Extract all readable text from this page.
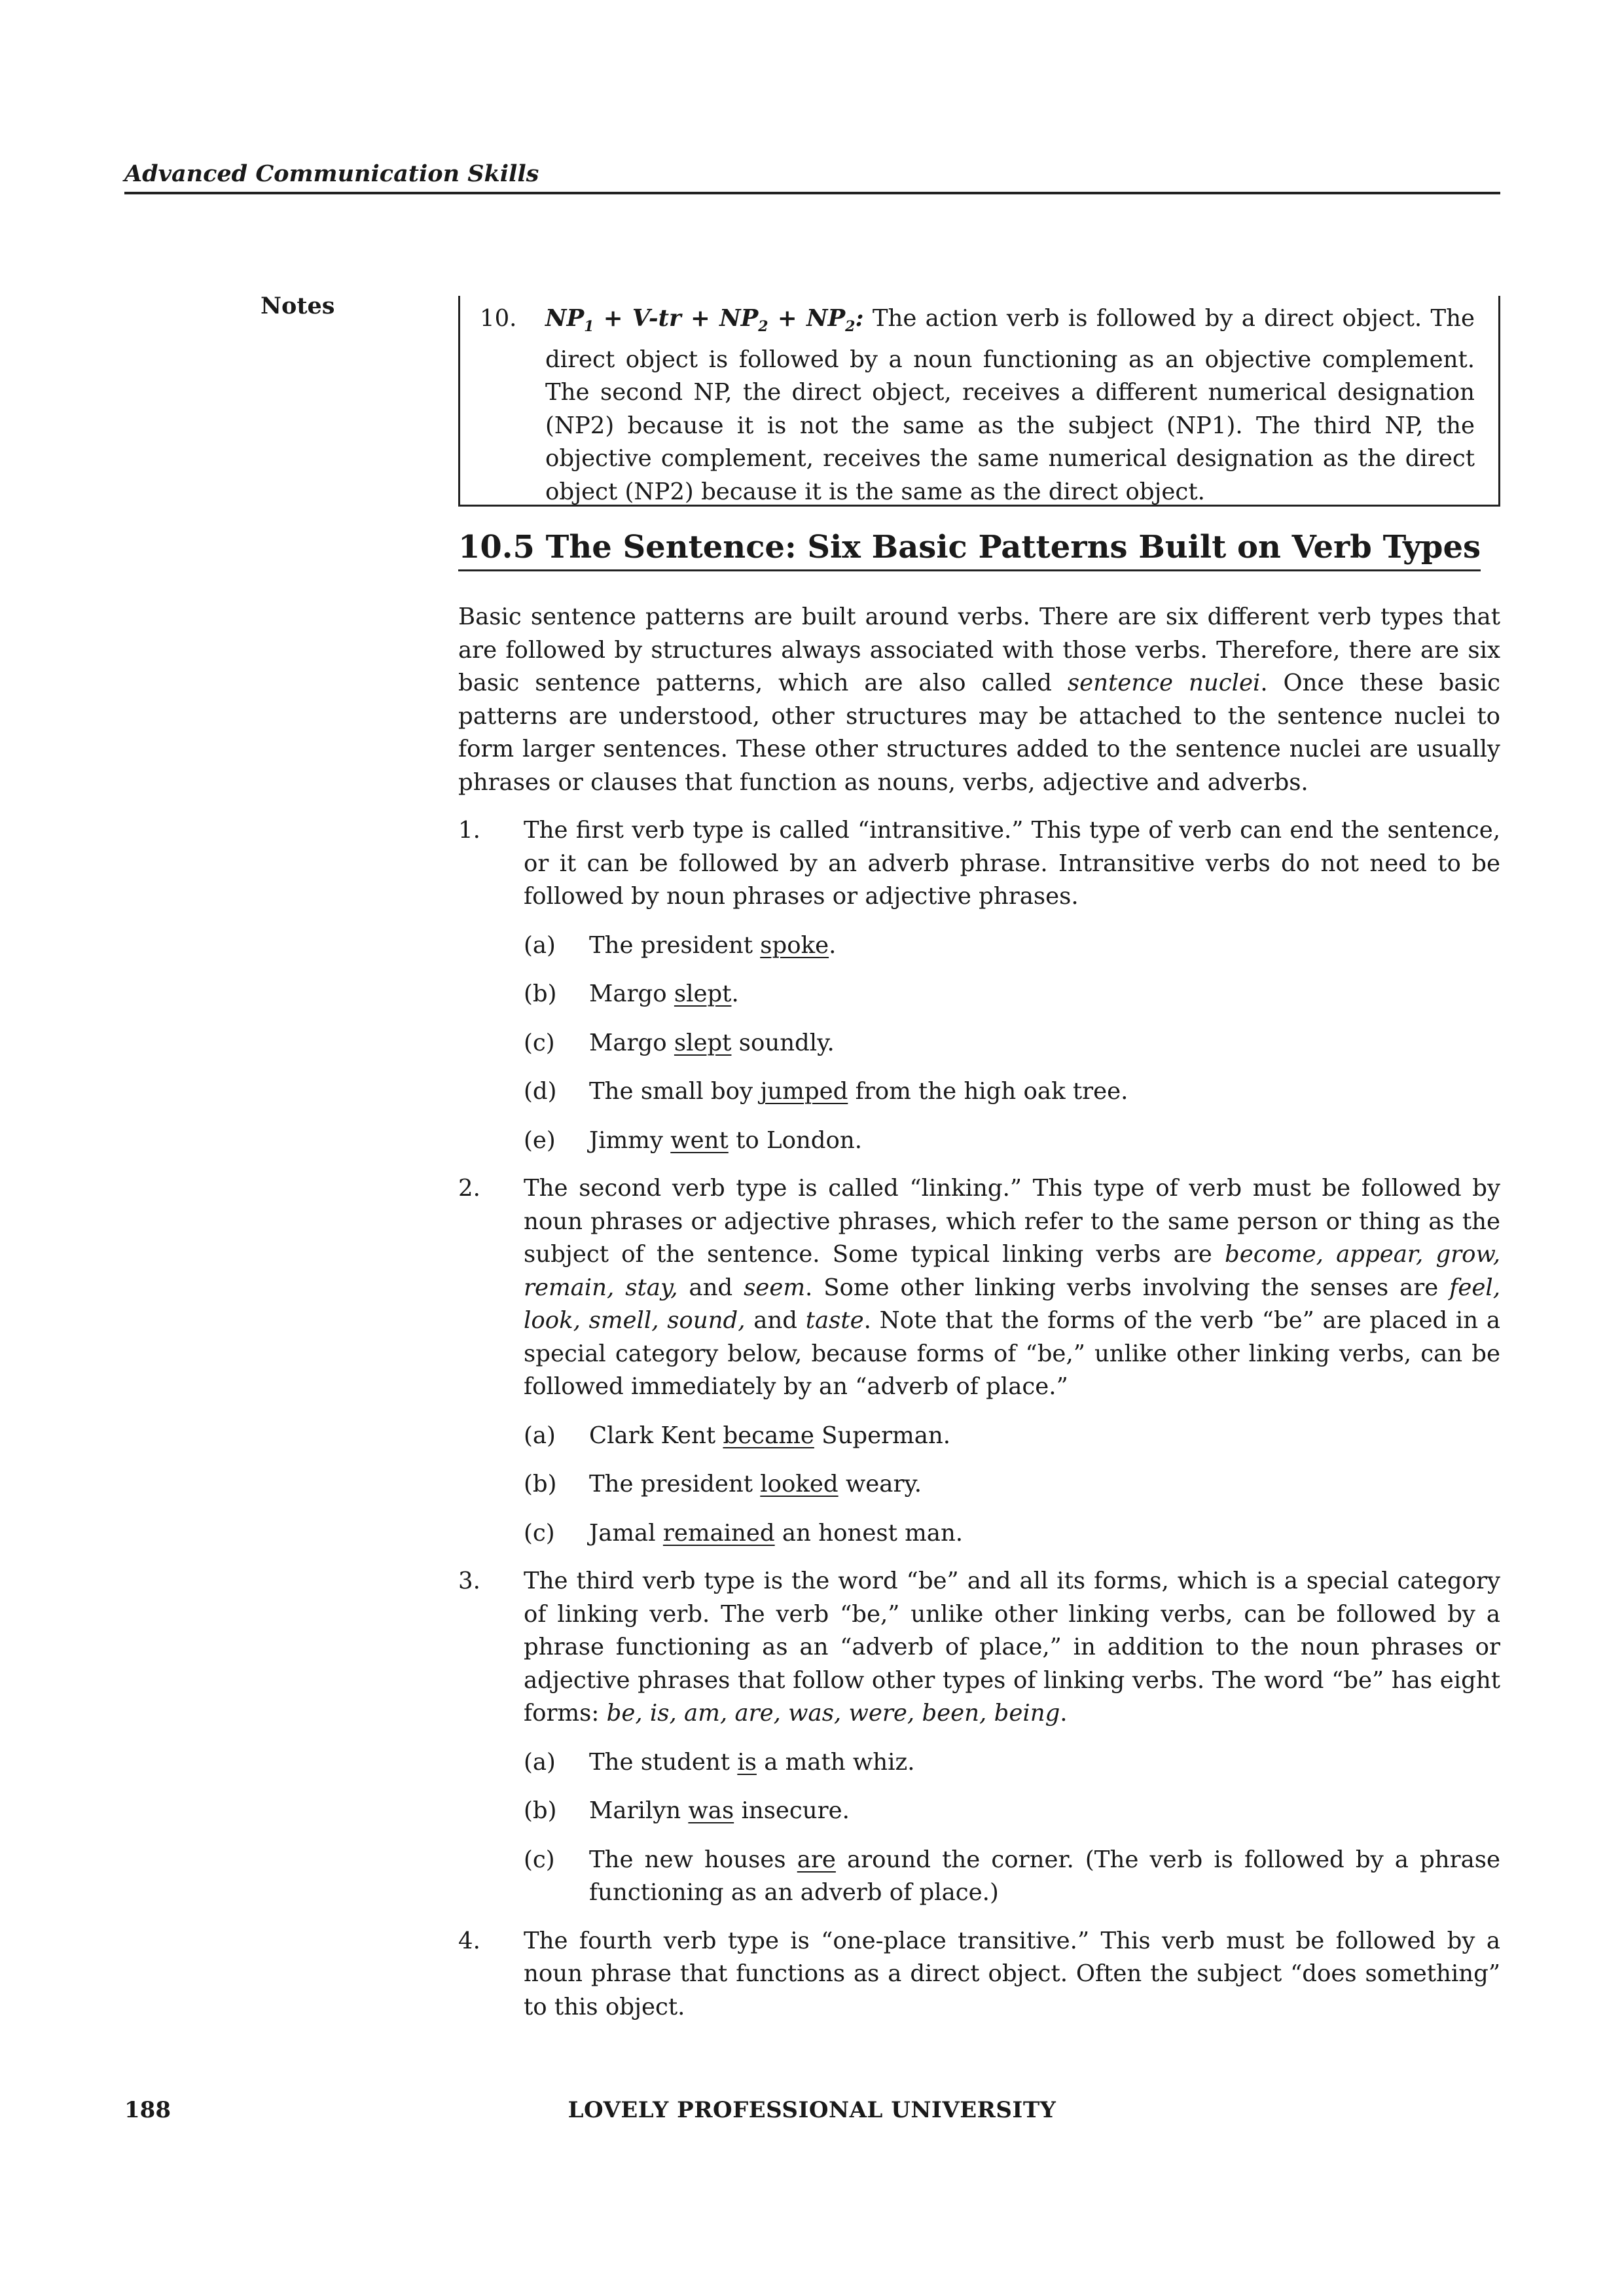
Advanced Communication Skills
Notes	10. $NP_1 + V-tr + NP_2 + NP_2$: The action verb is followed by a direct object. The direct object is followed by a noun functioning as an objective complement. The second NP, the direct object, receives a different numerical designation (NP2) because it is not the same as the subject (NP1). The third NP, the objective complement, receives the same numerical designation as the direct object (NP2) because it is the same as the direct object.
10.5 The Sentence: Six Basic Patterns Built on Verb Types

Basic sentence patterns are built around verbs. There are six different verb types that are followed by structures always associated with those verbs. Therefore, there are six basic sentence patterns, which are also called sentence nuclei. Once these basic patterns are understood, other structures may be attached to the sentence nuclei to form larger sentences. These other structures added to the sentence nuclei are usually phrases or clauses that function as nouns, verbs, adjective and adverbs.

1. The first verb type is called “intransitive.” This type of verb can end the sentence, or it can be followed by an adverb phrase. Intransitive verbs do not need to be followed by noun phrases or adjective phrases.
(a) The president spoke.
(b) Margo slept.
(c) Margo slept soundly.
(d) The small boy jumped from the high oak tree.
(e) Jimmy went to London.
2. The second verb type is called “linking.” This type of verb must be followed by noun phrases or adjective phrases, which refer to the same person or thing as the subject of the sentence. Some typical linking verbs are become, appear, grow, remain, stay, and seem. Some other linking verbs involving the senses are feel, look, smell, sound, and taste. Note that the forms of the verb “be” are placed in a special category below, because forms of “be,” unlike other linking verbs, can be followed immediately by an “adverb of place.”
(a) Clark Kent became Superman.
(b) The president looked weary.
(c) Jamal remained an honest man.
3. The third verb type is the word “be” and all its forms, which is a special category of linking verb. The verb “be,” unlike other linking verbs, can be followed by a phrase functioning as an “adverb of place,” in addition to the noun phrases or adjective phrases that follow other types of linking verbs. The word “be” has eight forms: be, is, am, are, was, were, been, being.
(a) The student is a math whiz.
(b) Marilyn was insecure.
(c) The new houses are around the corner. (The verb is followed by a phrase functioning as an adverb of place.)
4. The fourth verb type is “one-place transitive.” This verb must be followed by a noun phrase that functions as a direct object. Often the subject “does something” to this object.
188	LOVELY PROFESSIONAL UNIVERSITY
